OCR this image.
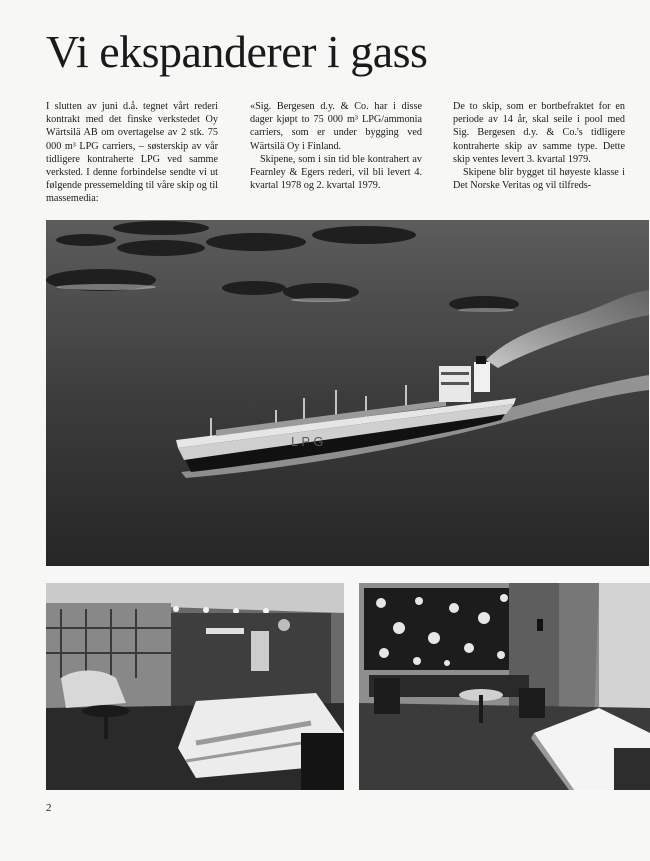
Vi ekspanderer i gass

I slutten av juni d.å. tegnet vårt rederi kontrakt med det finske verkstedet Oy Wärtsilä AB om overtagelse av 2 stk. 75 000 m³ LPG carriers, – søsterskip av vår tidligere kontraherte LPG ved samme verksted. I denne forbindelse sendte vi ut følgende pressemelding til våre skip og til massemedia:

«Sig. Bergesen d.y. & Co. har i disse dager kjøpt to 75 000 m³ LPG/ammonia carriers, som er under bygging ved Wärtsilä Oy i Finland.

Skipene, som i sin tid ble kontrahert av Fearnley & Egers rederi, vil bli levert 4. kvartal 1978 og 2. kvartal 1979.

De to skip, som er bortbefraktet for en periode av 14 år, skal seile i pool med Sig. Bergesen d.y. & Co.'s tidligere kontraherte skip av samme type. Dette skip ventes levert 3. kvartal 1979.

Skipene blir bygget til høyeste klasse i Det Norske Veritas og vil tilfreds-

L P G
2
